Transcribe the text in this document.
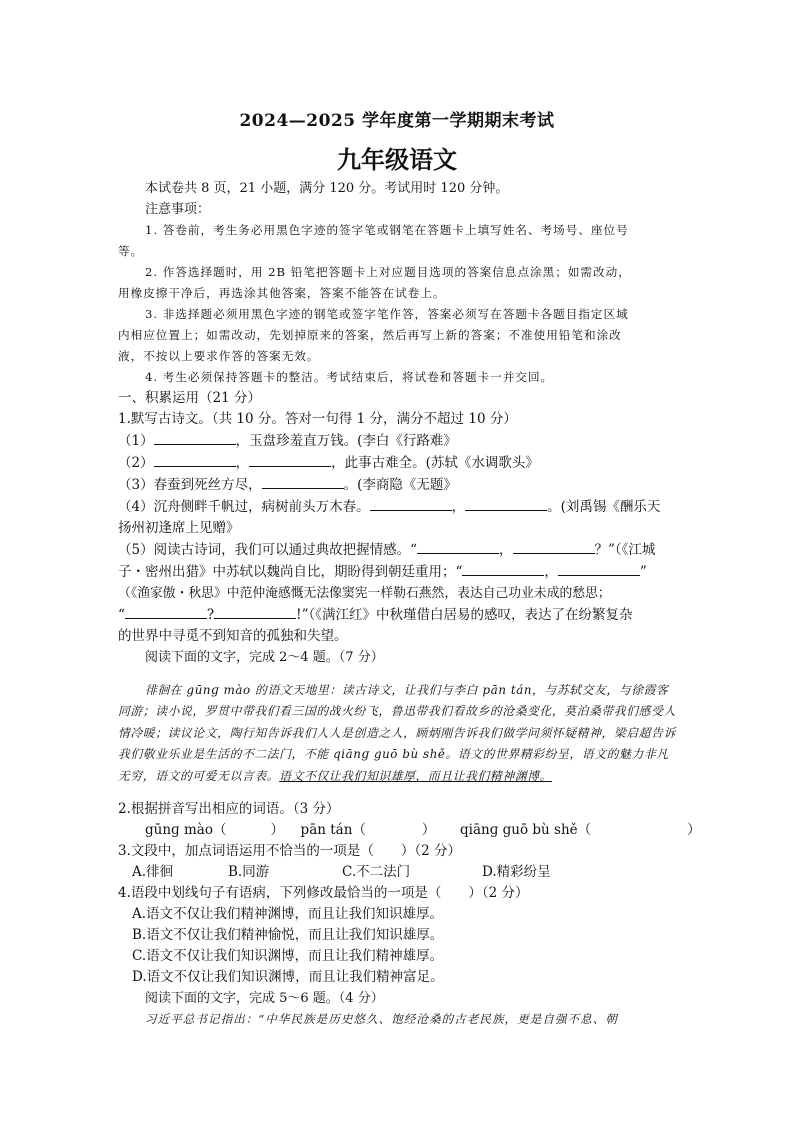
2024—2025 学年度第一学期期末考试
九年级语文

本试卷共 8 页，21 小题，满分 120 分。考试用时 120 分钟。

注意事项：

1. 答卷前，考生务必用黑色字迹的签字笔或钢笔在答题卡上填写姓名、考场号、座位号

等。

2. 作答选择题时，用 2B 铅笔把答题卡上对应题目选项的答案信息点涂黑；如需改动，

用橡皮擦干净后，再选涂其他答案，答案不能答在试卷上。

3. 非选择题必须用黑色字迹的钢笔或签字笔作答，答案必须写在答题卡各题目指定区域

内相应位置上；如需改动，先划掉原来的答案，然后再写上新的答案；不准使用铅笔和涂改

液，不按以上要求作答的答案无效。

4. 考生必须保持答题卡的整洁。考试结束后，将试卷和答题卡一并交回。

一、积累运用（21 分）

1.默写古诗文。（共 10 分。答对一句得 1 分，满分不超过 10 分）

（1）	，玉盘珍羞直万钱。(李白《行路难》

（2）	，	，此事古难全。(苏轼《水调歌头》

（3）春蚕到死丝方尽，	。(李商隐《无题》

（4）沉舟侧畔千帆过，病树前头万木春。	，	。(刘禹锡《酬乐天

扬州初逢席上见赠》

（5）阅读古诗词，我们可以通过典故把握情感。“	，	？”（《江城

子・密州出猎》中苏轼以魏尚自比，期盼得到朝廷重用；“	，	”

（《渔家傲・秋思》中范仲淹感慨无法像窦宪一样勒石燕然，表达自己功业未成的愁思；

“	?	!”（《满江红》中秋瑾借白居易的感叹，表达了在纷繁复杂

的世界中寻觅不到知音的孤独和失望。

阅读下面的文字，完成 2～4 题。（7 分）

徘徊在 gūnɡ mào 的语文天地里：读古诗文，让我们与李白 pān tán，与苏轼交友，与徐霞客同游；读小说，罗贯中带我们看三国的战火纷飞，鲁迅带我们看故乡的沧桑变化，莫泊桑带我们感受人情冷暖；读议论文，陶行知告诉我们人人是创造之人，顾炳刚告诉我们做学问须怀疑精神，梁启超告诉我们敬业乐业是生活的不二法门，不能 qiānɡ guō bù shě。语文的世界精彩纷呈，语文的魅力非凡无穷，语文的可爱无以言表。语文不仅让我们知识雄厚，而且让我们精神渊博。

2.根据拼音写出相应的词语。（3 分）

gūnɡ mào（	） pān tán（	） qiānɡ guō bù shě（	）

3.文段中，加点词语运用不恰当的一项是（　　）（2 分）

A.徘徊	B.同游	C.不二法门	D.精彩纷呈

4.语段中划线句子有语病，下列修改最恰当的一项是（　　）（2 分）

A.语文不仅让我们精神渊博，而且让我们知识雄厚。

B.语文不仅让我们精神愉悦，而且让我们知识雄厚。

C.语文不仅让我们知识渊博，而且让我们精神雄厚。

D.语文不仅让我们知识渊博，而且让我们精神富足。

阅读下面的文字，完成 5～6 题。（4 分）

习近平总书记指出：“中华民族是历史悠久、饱经沧桑的古老民族，更是自强不息、朝
